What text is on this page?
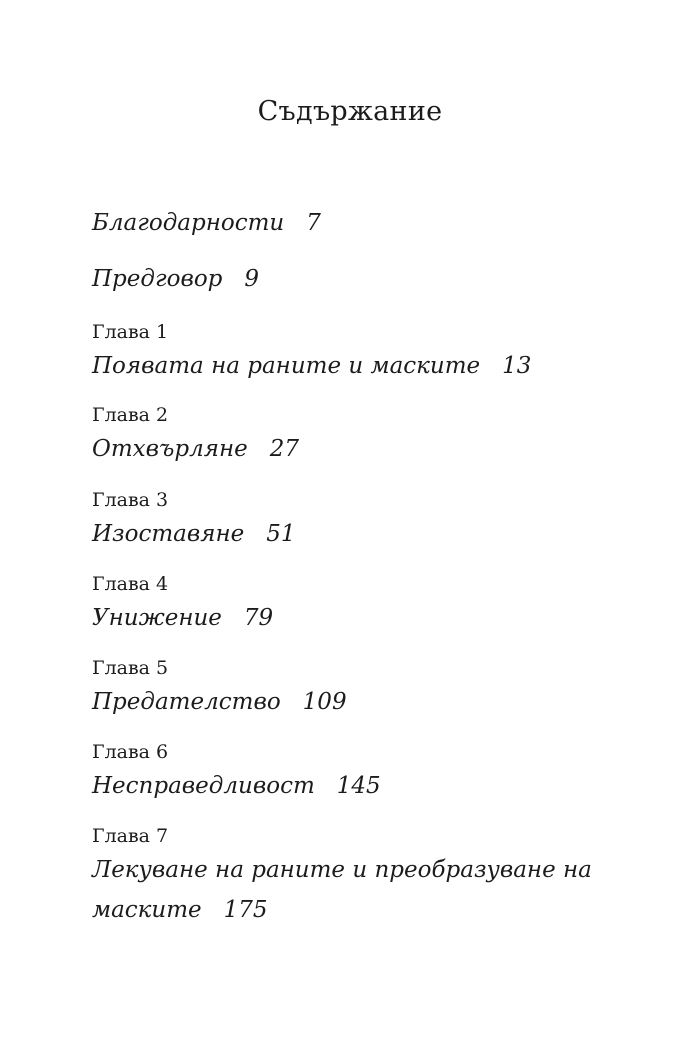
Съдържание
Благодарности 7
Предговор 9
Глава 1
Появата на раните и маските 13
Глава 2
Отхвърляне 27
Глава 3
Изоставяне 51
Глава 4
Унижение 79
Глава 5
Предателство 109
Глава 6
Несправедливост 145
Глава 7
Лекуване на раните и преобразуване на
маските 175
